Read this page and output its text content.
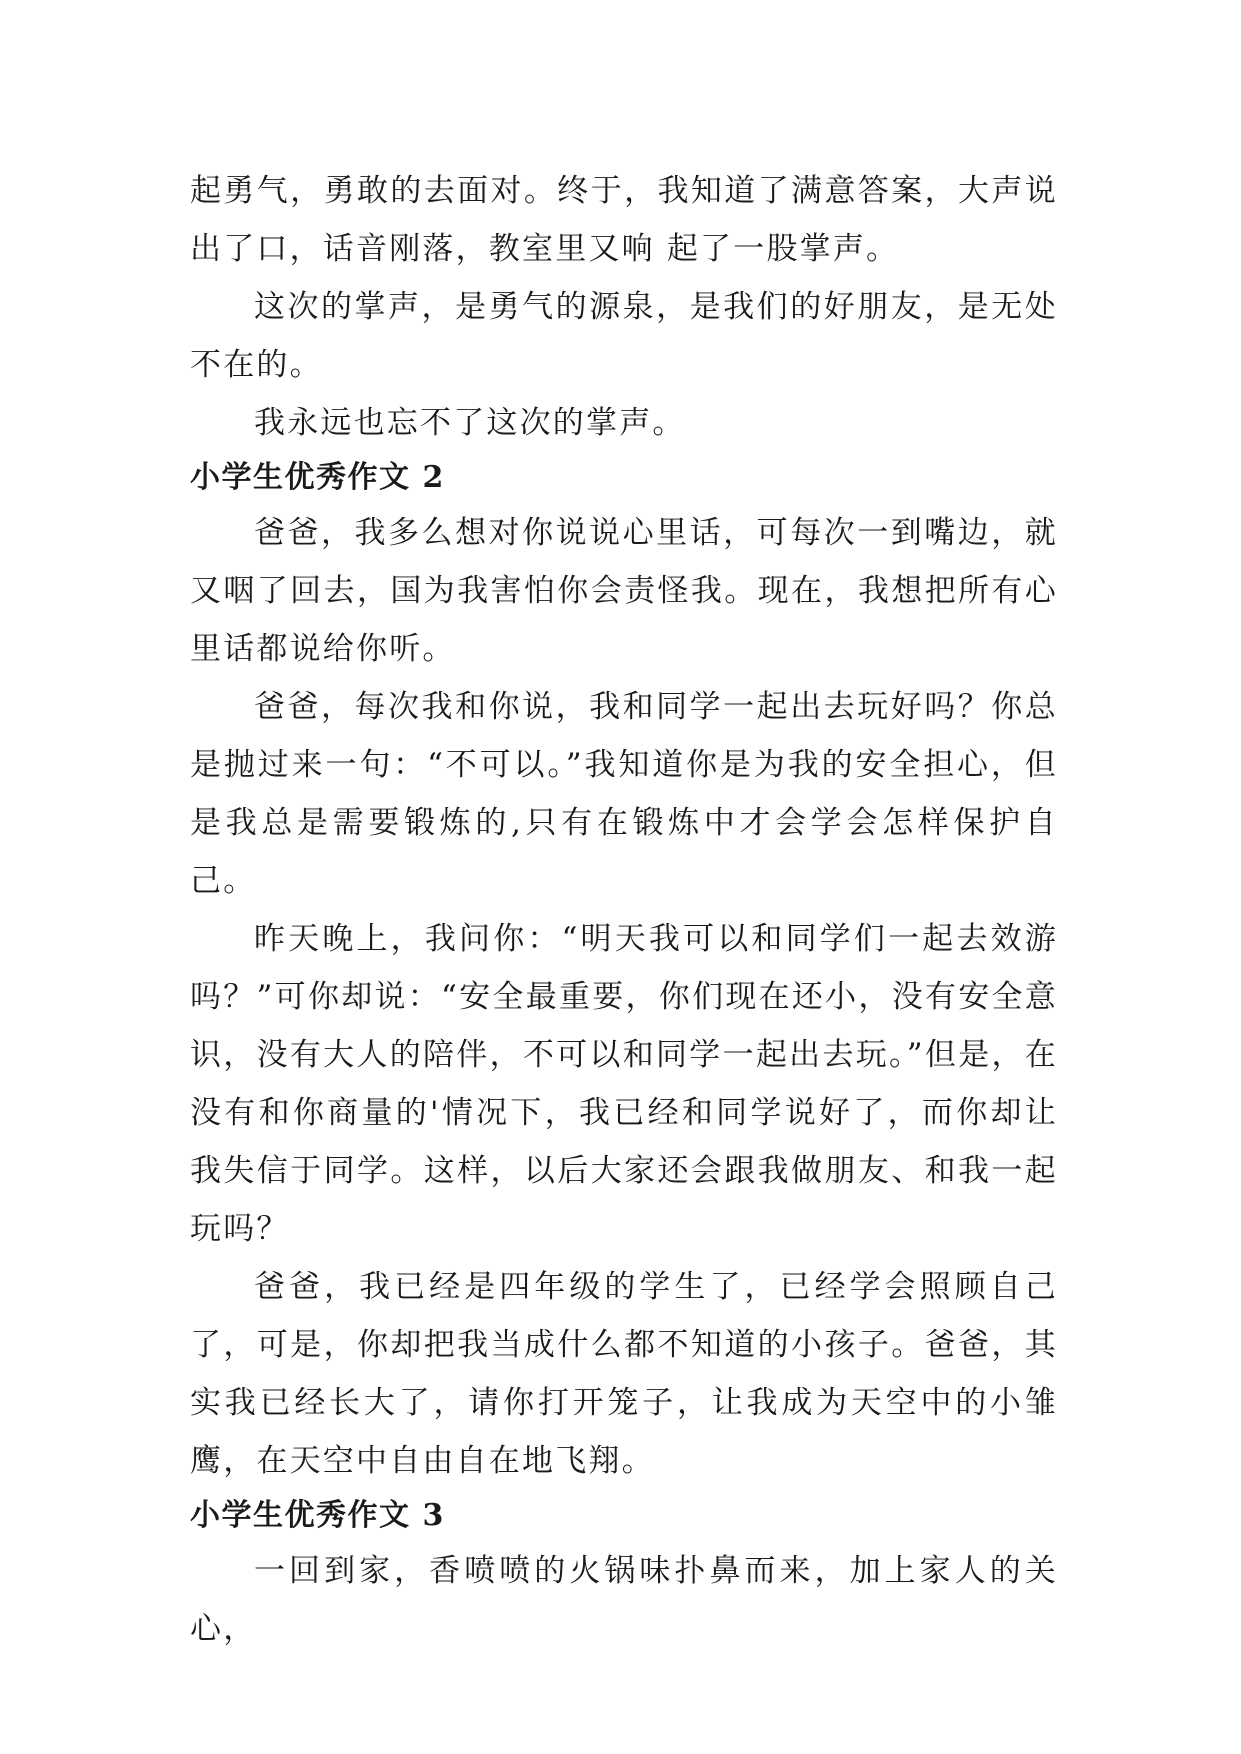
起勇气，勇敢的去面对。终于，我知道了满意答案，大声说出了口，话音刚落，教室里又响 起了一股掌声。

这次的掌声，是勇气的源泉，是我们的好朋友，是无处不在的。

我永远也忘不了这次的掌声。

小学生优秀作文 2

爸爸，我多么想对你说说心里话，可每次一到嘴边，就又咽了回去，国为我害怕你会责怪我。现在，我想把所有心里话都说给你听。

爸爸，每次我和你说，我和同学一起出去玩好吗？你总是抛过来一句：“不可以。”我知道你是为我的安全担心，但是我总是需要锻炼的,只有在锻炼中才会学会怎样保护自己。

昨天晚上，我问你：“明天我可以和同学们一起去效游吗？”可你却说：“安全最重要，你们现在还小，没有安全意识，没有大人的陪伴，不可以和同学一起出去玩。”但是，在没有和你商量的'情况下，我已经和同学说好了，而你却让我失信于同学。这样，以后大家还会跟我做朋友、和我一起玩吗？

爸爸，我已经是四年级的学生了，已经学会照顾自己了，可是，你却把我当成什么都不知道的小孩子。爸爸，其实我已经长大了，请你打开笼子，让我成为天空中的小雏鹰，在天空中自由自在地飞翔。

小学生优秀作文 3

一回到家，香喷喷的火锅味扑鼻而来，加上家人的关心，
